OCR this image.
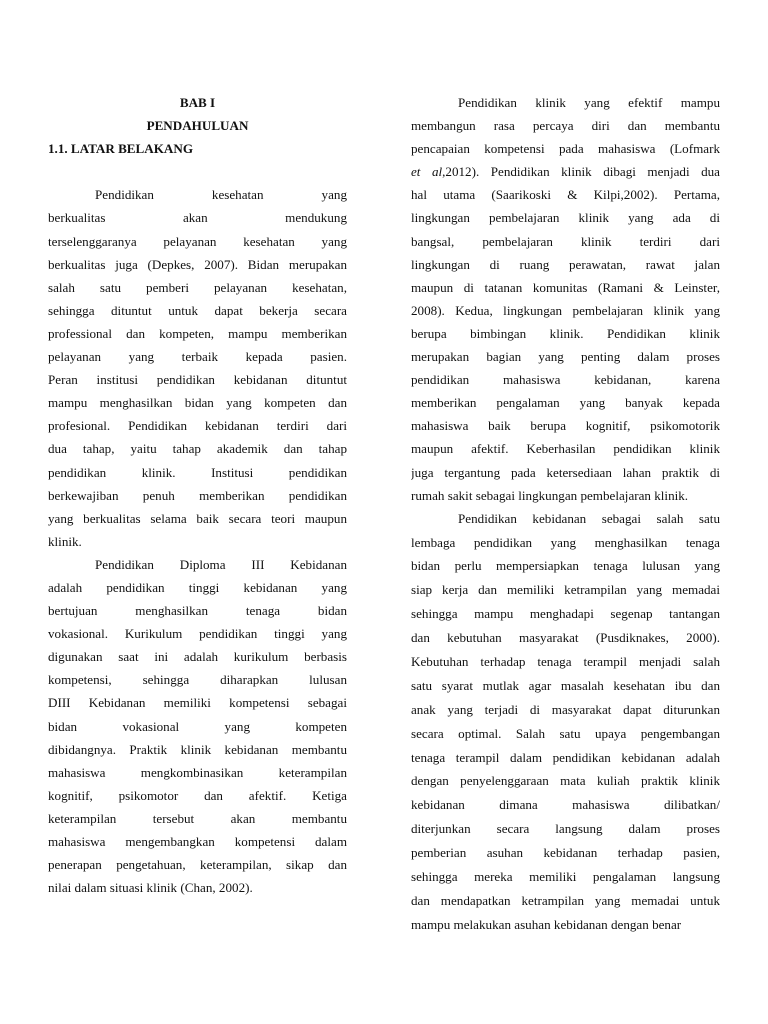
BAB I
PENDAHULUAN
1.1. LATAR BELAKANG
Pendidikan kesehatan yang
berkualitas akan mendukung
terselenggaranya pelayanan kesehatan yang
berkualitas juga (Depkes, 2007). Bidan merupakan
salah satu pemberi pelayanan kesehatan,
sehingga dituntut untuk dapat bekerja secara
professional dan kompeten, mampu memberikan
pelayanan yang terbaik kepada pasien.
Peran institusi pendidikan kebidanan dituntut
mampu menghasilkan bidan yang kompeten dan
profesional. Pendidikan kebidanan terdiri dari
dua tahap, yaitu tahap akademik dan tahap
pendidikan klinik. Institusi pendidikan
berkewajiban penuh memberikan pendidikan
yang berkualitas selama baik secara teori maupun
klinik.
Pendidikan Diploma III Kebidanan
adalah pendidikan tinggi kebidanan yang
bertujuan menghasilkan tenaga bidan
vokasional. Kurikulum pendidikan tinggi yang
digunakan saat ini adalah kurikulum berbasis
kompetensi, sehingga diharapkan lulusan
DIII Kebidanan memiliki kompetensi sebagai
bidan vokasional yang kompeten
dibidangnya. Praktik klinik kebidanan membantu
mahasiswa mengkombinasikan keterampilan
kognitif, psikomotor dan afektif. Ketiga
keterampilan tersebut akan membantu
mahasiswa mengembangkan kompetensi dalam
penerapan pengetahuan, keterampilan, sikap dan
nilai dalam situasi klinik (Chan, 2002).
Pendidikan klinik yang efektif mampu
membangun rasa percaya diri dan membantu
pencapaian kompetensi pada mahasiswa (Lofmark
et al,2012). Pendidikan klinik dibagi menjadi dua
hal utama (Saarikoski & Kilpi,2002). Pertama,
lingkungan pembelajaran klinik yang ada di
bangsal, pembelajaran klinik terdiri dari
lingkungan di ruang perawatan, rawat jalan
maupun di tatanan komunitas (Ramani & Leinster,
2008). Kedua, lingkungan pembelajaran klinik yang
berupa bimbingan klinik. Pendidikan klinik
merupakan bagian yang penting dalam proses
pendidikan mahasiswa kebidanan, karena
memberikan pengalaman yang banyak kepada
mahasiswa baik berupa kognitif, psikomotorik
maupun afektif. Keberhasilan pendidikan klinik
juga tergantung pada ketersediaan lahan praktik di
rumah sakit sebagai lingkungan pembelajaran klinik.
Pendidikan kebidanan sebagai salah satu
lembaga pendidikan yang menghasilkan tenaga
bidan perlu mempersiapkan tenaga lulusan yang
siap kerja dan memiliki ketrampilan yang memadai
sehingga mampu menghadapi segenap tantangan
dan kebutuhan masyarakat (Pusdiknakes, 2000).
Kebutuhan terhadap tenaga terampil menjadi salah
satu syarat mutlak agar masalah kesehatan ibu dan
anak yang terjadi di masyarakat dapat diturunkan
secara optimal. Salah satu upaya pengembangan
tenaga terampil dalam pendidikan kebidanan adalah
dengan penyelenggaraan mata kuliah praktik klinik
kebidanan dimana mahasiswa dilibatkan/
diterjunkan secara langsung dalam proses
pemberian asuhan kebidanan terhadap pasien,
sehingga mereka memiliki pengalaman langsung
dan mendapatkan ketrampilan yang memadai untuk
mampu melakukan asuhan kebidanan dengan benar
